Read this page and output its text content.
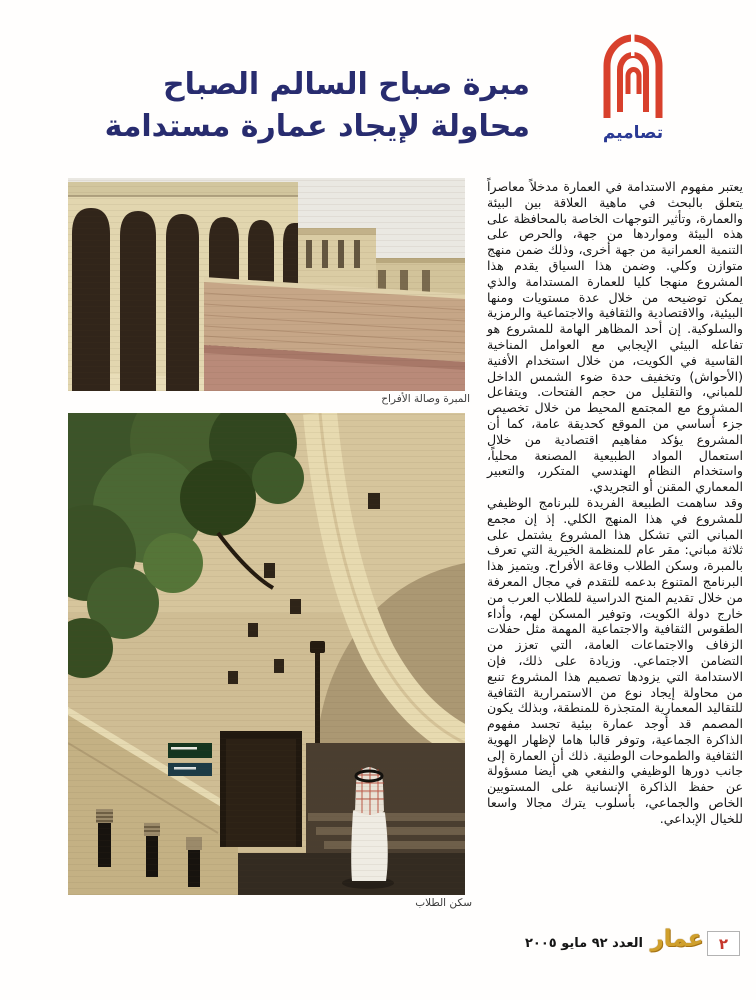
تصاميم
مبرة صباح السالم الصباح
محاولة لإيجاد عمارة مستدامة
المبرة وصالة الأفراح
سكن الطلاب

يعتبر مفهوم الاستدامة في العمارة مدخلاً معاصراً يتعلق بالبحث في ماهية العلاقة بين البيئة والعمارة، وتأثير التوجهات الخاصة بالمحافظة على هذه البيئة ومواردها من جهة، والحرص على التنمية العمرانية من جهة أخرى، وذلك ضمن منهج متوازن وكلي. وضمن هذا السياق يقدم هذا المشروع منهجا كليا للعمارة المستدامة والذي يمكن توضيحه من خلال عدة مستويات ومنها البيئية، والاقتصادية والثقافية والاجتماعية والرمزية والسلوكية. إن أحد المظاهر الهامة للمشروع هو تفاعله البيئي الإيجابي مع العوامل المناخية القاسية في الكويت، من خلال استخدام الأفنية (الأحواش) وتخفيف حدة ضوء الشمس الداخل للمباني، والتقليل من حجم الفتحات. ويتفاعل المشروع مع المجتمع المحيط من خلال تخصيص جزء أساسي من الموقع كحديقة عامة، كما أن المشروع يؤكد مفاهيم اقتصادية من خلال استعمال المواد الطبيعية المصنعة محلياً، واستخدام النظام الهندسي المتكرر، والتعبير المعماري المقنن أو التجريدي.

وقد ساهمت الطبيعة الفريدة للبرنامج الوظيفي للمشروع في هذا المنهج الكلي. إذ إن مجمع المباني التي تشكل هذا المشروع يشتمل على ثلاثة مباني: مقر عام للمنظمة الخيرية التي تعرف بالمبرة، وسكن الطلاب وقاعة الأفراح. ويتميز هذا البرنامج المتنوع بدعمه للتقدم في مجال المعرفة من خلال تقديم المنح الدراسية للطلاب العرب من خارج دولة الكويت، وتوفير المسكن لهم، وأداء الطقوس الثقافية والاجتماعية المهمة مثل حفلات الزفاف والاجتماعات العامة، التي تعزز من التضامن الاجتماعي. وزيادة على ذلك، فإن الاستدامة التي يزودها تصميم هذا المشروع تنبع من محاولة إيجاد نوع من الاستمرارية الثقافية للتقاليد المعمارية المتجذرة للمنطقة، وبذلك يكون المصمم قد أوجد عمارة بيئية تجسد مفهوم الذاكرة الجماعية، وتوفر قالبا هاما لإظهار الهوية الثقافية والطموحات الوطنية. ذلك أن العمارة إلى جانب دورها الوظيفي والنفعي هي أيضا مسؤولة عن حفظ الذاكرة الإنسانية على المستويين الخاص والجماعي، بأسلوب يترك مجالا واسعا للخيال الإبداعي.

العدد ٩٢ مايو ٢٠٠٥ عمار ٢
